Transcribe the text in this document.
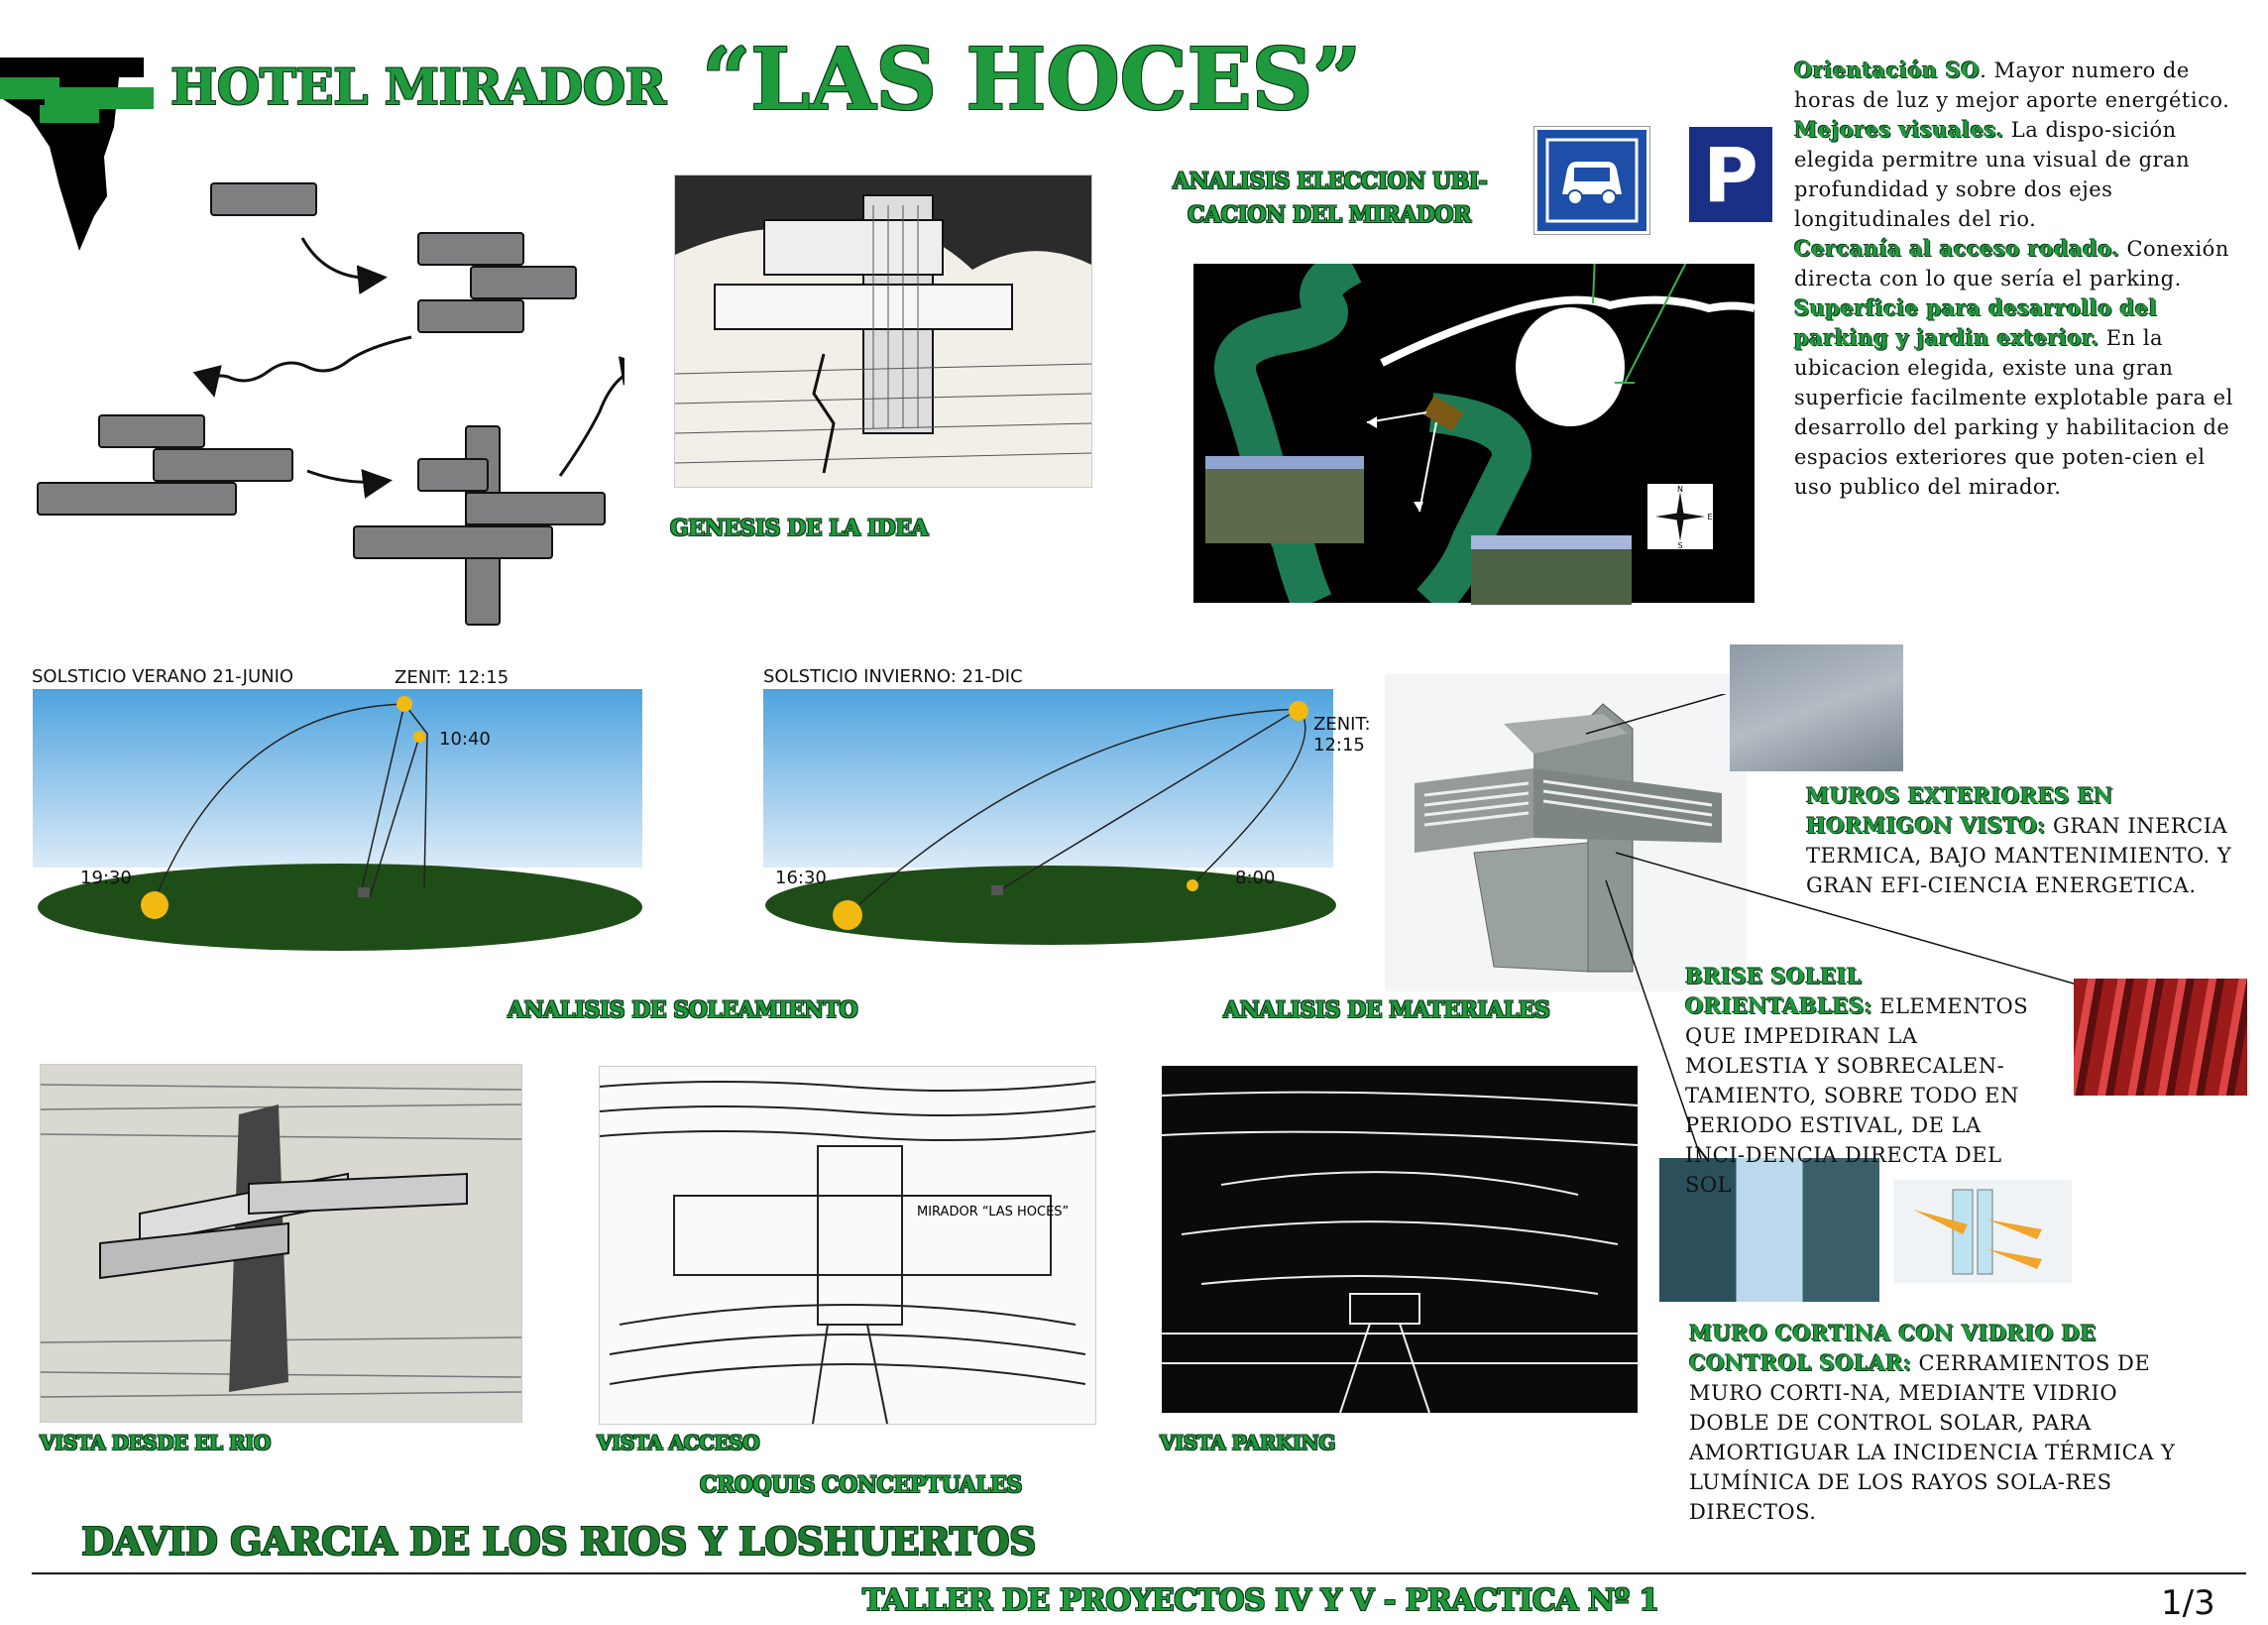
HOTEL MIRADOR “LAS HOCES”
GENESIS DE LA IDEA
ANALISIS ELECCION UBI-
CACION DEL MIRADOR	P
N
S
E
Orientación SO. Mayor numero de horas de luz y mejor aporte energético.
Mejores visuales. La dispo-sición elegida permitre una visual de gran profundidad y sobre dos ejes longitudinales del rio.
Cercanía al acceso rodado. Conexión directa con lo que sería el parking.
Superficie para desarrollo del parking y jardin exterior. En la ubicacion elegida, existe una gran superficie facilmente explotable para el desarrollo del parking y habilitacion de espacios exteriores que poten-cien el uso publico del mirador.
SOLSTICIO VERANO 21-JUNIO	ZENIT: 12:15
10:40
19:30
SOLSTICIO INVIERNO: 21-DIC
ZENIT: 12:15
16:30	8:00
MUROS EXTERIORES EN HORMIGON VISTO: GRAN INERCIA TERMICA, BAJO MANTENIMIENTO. Y GRAN EFI-CIENCIA ENERGETICA.
BRISE SOLEIL ORIENTABLES: ELEMENTOS QUE IMPEDIRAN LA MOLESTIA Y SOBRECALEN-TAMIENTO, SOBRE TODO EN PERIODO ESTIVAL, DE LA INCI-DENCIA DIRECTA DEL SOL
MURO CORTINA CON VIDRIO DE CONTROL SOLAR: CERRAMIENTOS DE MURO CORTI-NA, MEDIANTE VIDRIO DOBLE DE CONTROL SOLAR, PARA AMORTIGUAR LA INCIDENCIA TÉRMICA Y LUMÍNICA DE LOS RAYOS SOLA-RES DIRECTOS.
ANALISIS DE SOLEAMIENTO	ANALISIS DE MATERIALES
MIRADOR “LAS HOCES”
VISTA DESDE EL RIO	VISTA ACCESO	VISTA PARKING
CROQUIS CONCEPTUALES
DAVID GARCIA DE LOS RIOS Y LOSHUERTOS
TALLER DE PROYECTOS IV Y V - PRACTICA Nº 1	1/3
